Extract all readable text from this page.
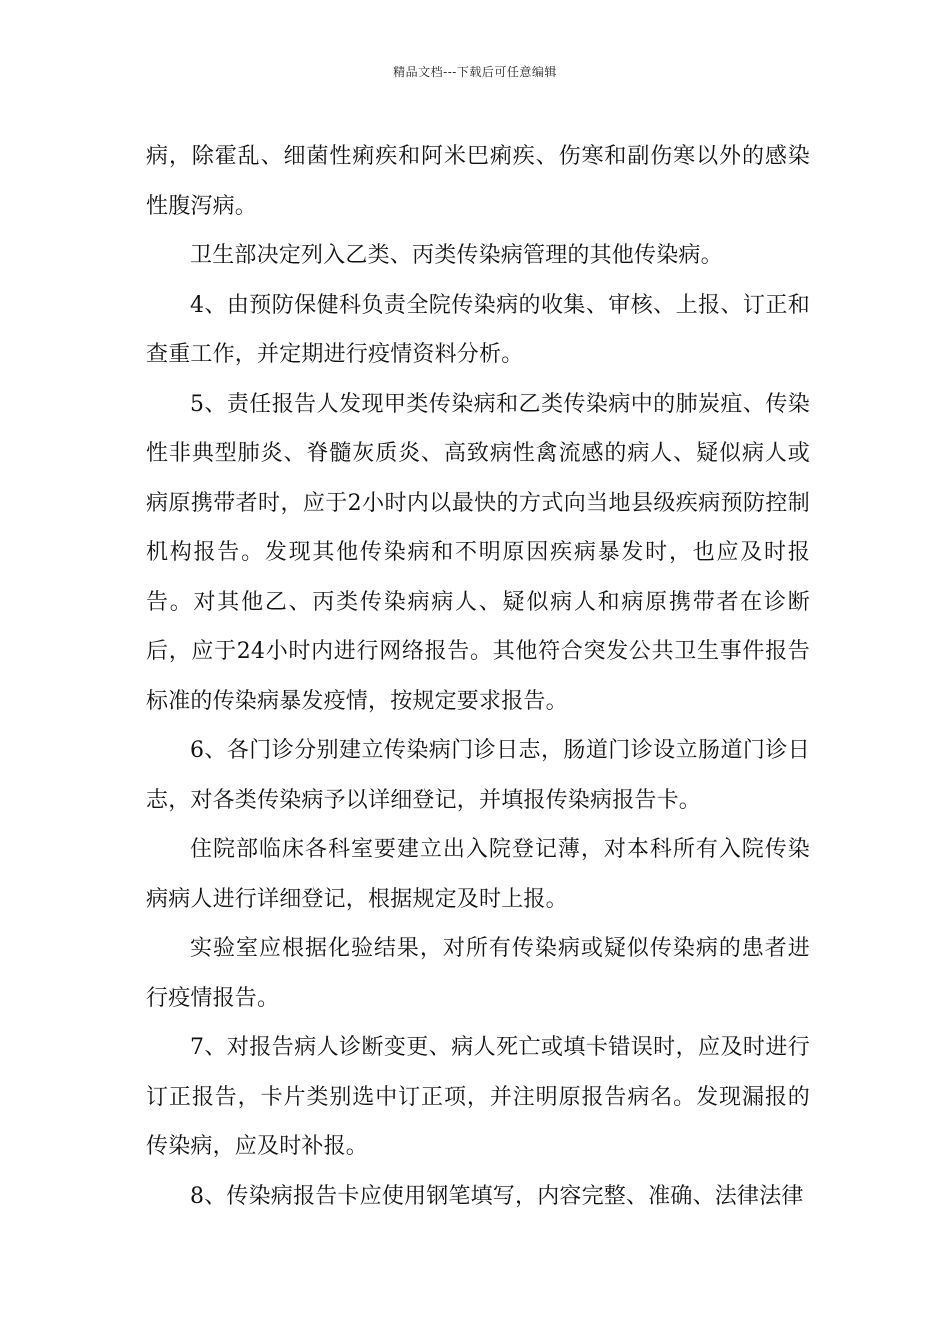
精品文档---下载后可任意编辑

病，除霍乱、细菌性痢疾和阿米巴痢疾、伤寒和副伤寒以外的感染性腹泻病。

卫生部决定列入乙类、丙类传染病管理的其他传染病。

4、由预防保健科负责全院传染病的收集、审核、上报、订正和查重工作，并定期进行疫情资料分析。

5、责任报告人发现甲类传染病和乙类传染病中的肺炭疽、传染性非典型肺炎、脊髓灰质炎、高致病性禽流感的病人、疑似病人或病原携带者时，应于2小时内以最快的方式向当地县级疾病预防控制机构报告。发现其他传染病和不明原因疾病暴发时，也应及时报告。对其他乙、丙类传染病病人、疑似病人和病原携带者在诊断后，应于24小时内进行网络报告。其他符合突发公共卫生事件报告标准的传染病暴发疫情，按规定要求报告。

6、各门诊分别建立传染病门诊日志，肠道门诊设立肠道门诊日志，对各类传染病予以详细登记，并填报传染病报告卡。

住院部临床各科室要建立出入院登记薄，对本科所有入院传染病病人进行详细登记，根据规定及时上报。

实验室应根据化验结果，对所有传染病或疑似传染病的患者进行疫情报告。

7、对报告病人诊断变更、病人死亡或填卡错误时，应及时进行订正报告，卡片类别选中订正项，并注明原报告病名。发现漏报的传染病，应及时补报。

8、传染病报告卡应使用钢笔填写，内容完整、准确、法律法律
